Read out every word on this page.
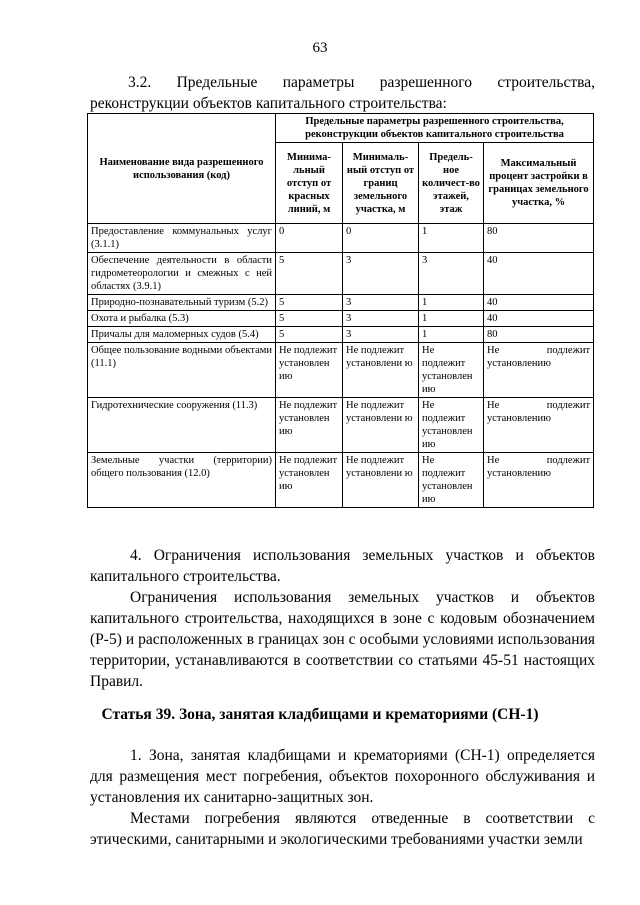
63
3.2. Предельные параметры разрешенного строительства,
реконструкции объектов капитального строительства:
Наименование вида разрешенного использования (код)	Предельные параметры разрешенного строительства, реконструкции объектов капитального строительства			
	Минима-льный отступ от красных линий, м	Минималь-ный отступ от границ земельного участка, м	Предель-ное количест-во этажей, этаж	Максимальный процент застройки в границах земельного участка, %
Предоставление коммунальных услуг (3.1.1)	0	0	1	80
Обеспечение деятельности в области гидрометеорологии и смежных с ней областях (3.9.1)	5	3	3	40
Природно-познавательный туризм (5.2)	5	3	1	40
Охота и рыбалка (5.3)	5	3	1	40
Причалы для маломерных судов (5.4)	5	3	1	80
Общее пользование водными объектами (11.1)	Не подлежит установлен ию	Не подлежит установлени ю	Не подлежит установлен ию	Не подлежит установлению
Гидротехнические сооружения (11.3)	Не подлежит установлен ию	Не подлежит установлени ю	Не подлежит установлен ию	Не подлежит установлению
Земельные участки (территории) общего пользования (12.0)	Не подлежит установлен ию	Не подлежит установлени ю	Не подлежит установлен ию	Не подлежит установлению
4. Ограничения использования земельных участков и объектов капитального строительства.
Ограничения использования земельных участков и объектов капитального строительства, находящихся в зоне с кодовым обозначением (Р-5) и расположенных в границах зон с особыми условиями использования территории, устанавливаются в соответствии со статьями 45-51 настоящих Правил.
Статья 39. Зона, занятая кладбищами и крематориями (СН-1)
1. Зона, занятая кладбищами и крематориями (СН-1) определяется для размещения мест погребения, объектов похоронного обслуживания и установления их санитарно-защитных зон.
Местами погребения являются отведенные в соответствии с этическими, санитарными и экологическими требованиями участки земли
